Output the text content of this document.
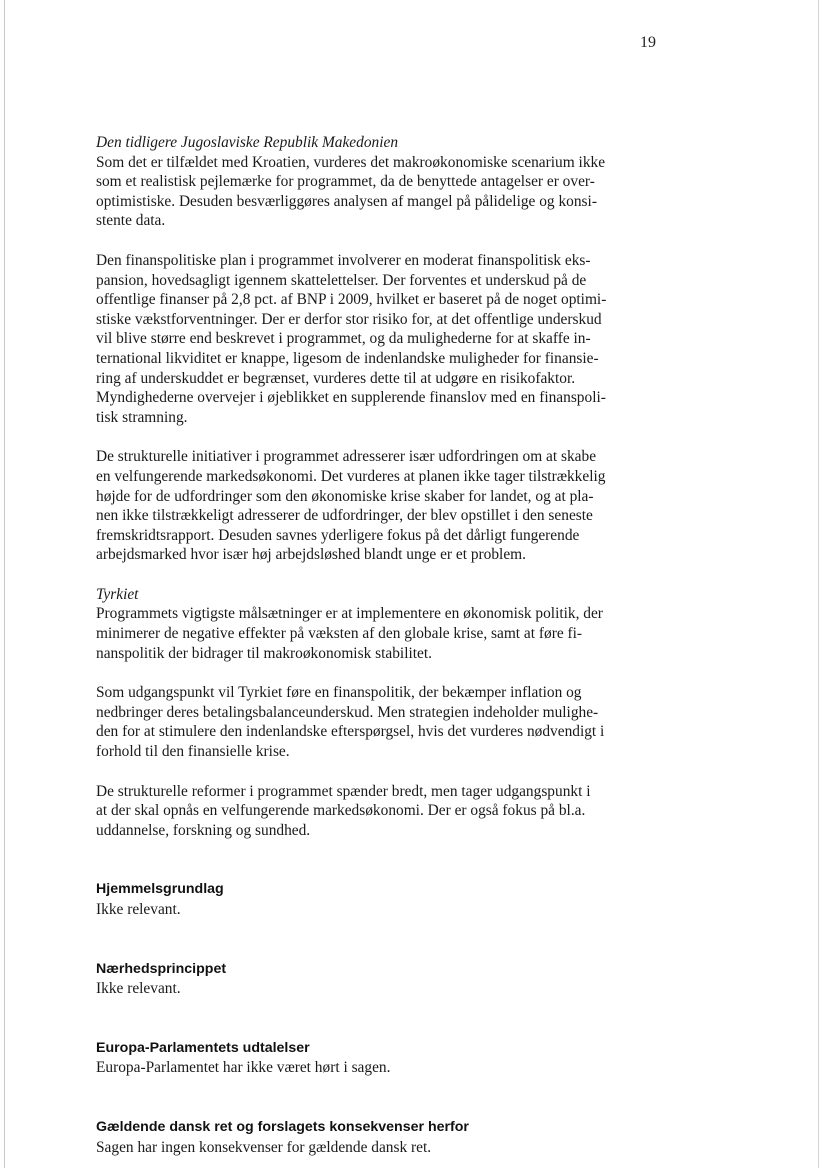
19
Den tidligere Jugoslaviske Republik Makedonien

Som det er tilfældet med Kroatien, vurderes det makroøkonomiske scenarium ikke
som et realistisk pejlemærke for programmet, da de benyttede antagelser er over-
optimistiske. Desuden besværliggøres analysen af mangel på pålidelige og konsi-
stente data.

Den finanspolitiske plan i programmet involverer en moderat finanspolitisk eks-
pansion, hovedsagligt igennem skattelettelser. Der forventes et underskud på de
offentlige finanser på 2,8 pct. af BNP i 2009, hvilket er baseret på de noget optimi-
stiske vækstforventninger. Der er derfor stor risiko for, at det offentlige underskud
vil blive større end beskrevet i programmet, og da mulighederne for at skaffe in-
ternational likviditet er knappe, ligesom de indenlandske muligheder for finansie-
ring af underskuddet er begrænset, vurderes dette til at udgøre en risikofaktor.
Myndighederne overvejer i øjeblikket en supplerende finanslov med en finanspoli-
tisk stramning.

De strukturelle initiativer i programmet adresserer især udfordringen om at skabe
en velfungerende markedsøkonomi. Det vurderes at planen ikke tager tilstrækkelig
højde for de udfordringer som den økonomiske krise skaber for landet, og at pla-
nen ikke tilstrækkeligt adresserer de udfordringer, der blev opstillet i den seneste
fremskridtsrapport. Desuden savnes yderligere fokus på det dårligt fungerende
arbejdsmarked hvor især høj arbejdsløshed blandt unge er et problem.

Tyrkiet

Programmets vigtigste målsætninger er at implementere en økonomisk politik, der
minimerer de negative effekter på væksten af den globale krise, samt at føre fi-
nanspolitik der bidrager til makroøkonomisk stabilitet.

Som udgangspunkt vil Tyrkiet føre en finanspolitik, der bekæmper inflation og
nedbringer deres betalingsbalanceunderskud. Men strategien indeholder mulighe-
den for at stimulere den indenlandske efterspørgsel, hvis det vurderes nødvendigt i
forhold til den finansielle krise.

De strukturelle reformer i programmet spænder bredt, men tager udgangspunkt i
at der skal opnås en velfungerende markedsøkonomi. Der er også fokus på bl.a.
uddannelse, forskning og sundhed.

Hjemmelsgrundlag
Ikke relevant.
Nærhedsprincippet
Ikke relevant.
Europa-Parlamentets udtalelser
Europa-Parlamentet har ikke været hørt i sagen.
Gældende dansk ret og forslagets konsekvenser herfor
Sagen har ingen konsekvenser for gældende dansk ret.
